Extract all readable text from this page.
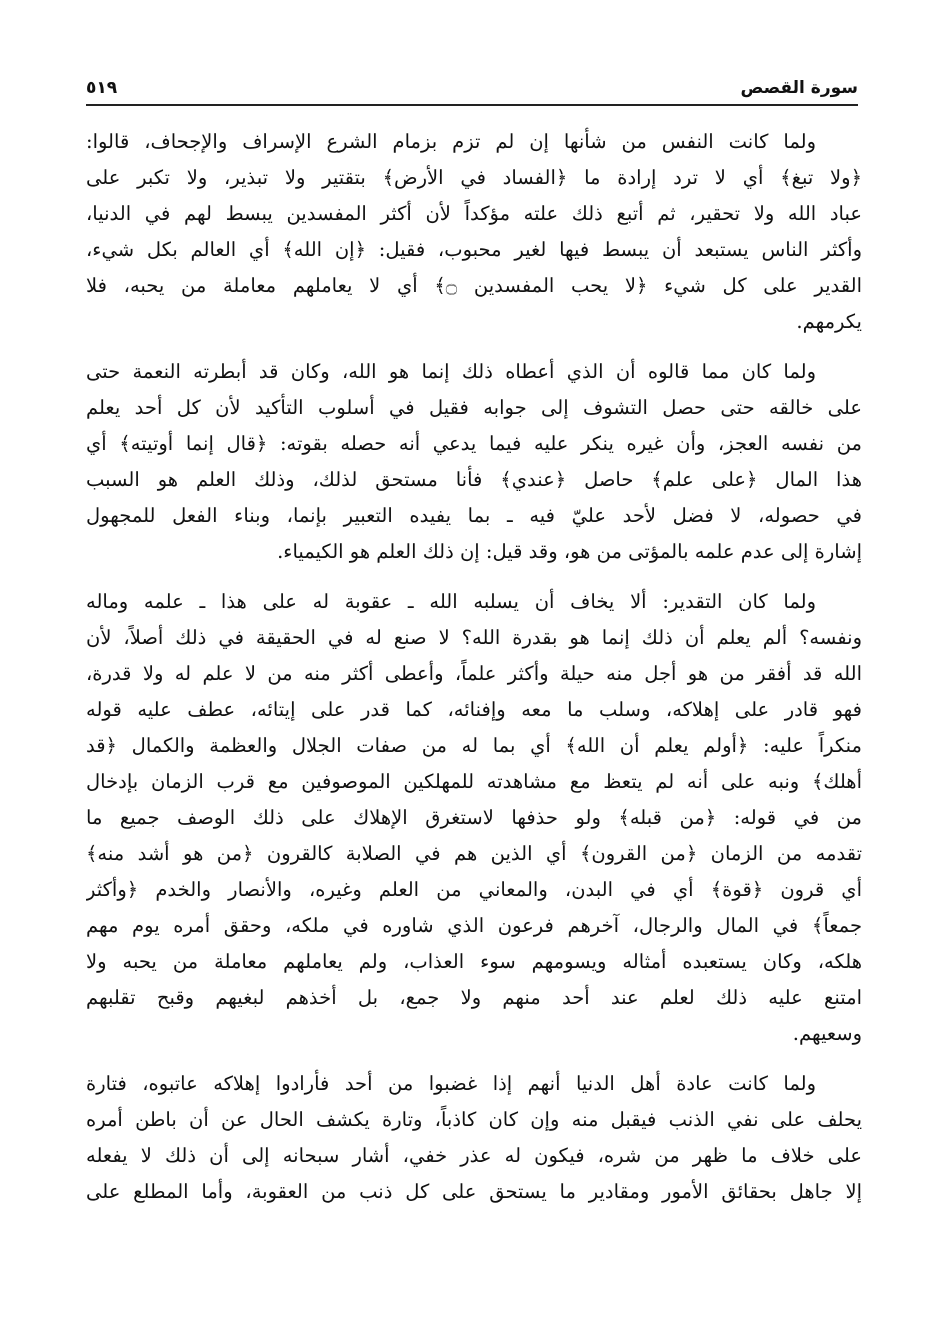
سورة القصص
٥١٩
ولما كانت النفس من شأنها إن لم تزم بزمام الشرع الإسراف والإجحاف، قالوا:
﴿ولا تبغ﴾ أي لا ترد إرادة ما ﴿الفساد في الأرض﴾ بتقتير ولا تبذير، ولا تكبر على
عباد الله ولا تحقير، ثم أتبع ذلك علته مؤكداً لأن أكثر المفسدين يبسط لهم في الدنيا،
وأكثر الناس يستبعد أن يبسط فيها لغير محبوب، فقيل: ﴿إن الله﴾ أي العالم بكل شيء،
القدير على كل شيء ﴿لا يحب المفسدين ۝﴾ أي لا يعاملهم معاملة من يحبه، فلا
يكرمهم.
ولما كان مما قالوه أن الذي أعطاه ذلك إنما هو الله، وكان قد أبطرته النعمة حتى
على خالقه حتى حصل التشوف إلى جوابه فقيل في أسلوب التأكيد لأن كل أحد يعلم
من نفسه العجز، وأن غيره ينكر عليه فيما يدعي أنه حصله بقوته: ﴿قال إنما أوتيته﴾ أي
هذا المال ﴿على علم﴾ حاصل ﴿عندي﴾ فأنا مستحق لذلك، وذلك العلم هو السبب
في حصوله، لا فضل لأحد عليّ فيه ـ بما يفيده التعبير بإنما، وبناء الفعل للمجهول
إشارة إلى عدم علمه بالمؤتى من هو، وقد قيل: إن ذلك العلم هو الكيمياء.
ولما كان التقدير: ألا يخاف أن يسلبه الله ـ عقوبة له على هذا ـ علمه وماله
ونفسه؟ ألم يعلم أن ذلك إنما هو بقدرة الله؟ لا صنع له في الحقيقة في ذلك أصلاً، لأن
الله قد أفقر من هو أجل منه حيلة وأكثر علماً، وأعطى أكثر منه من لا علم له ولا قدرة،
فهو قادر على إهلاكه، وسلب ما معه وإفنائه، كما قدر على إيتائه، عطف عليه قوله
منكراً عليه: ﴿أولم يعلم أن الله﴾ أي بما له من صفات الجلال والعظمة والكمال ﴿قد
أهلك﴾ ونبه على أنه لم يتعظ مع مشاهدته للمهلكين الموصوفين مع قرب الزمان بإدخال
من في قوله: ﴿من قبله﴾ ولو حذفها لاستغرق الإهلاك على ذلك الوصف جميع ما
تقدمه من الزمان ﴿من القرون﴾ أي الذين هم في الصلابة كالقرون ﴿من هو أشد منه﴾
أي قرون ﴿قوة﴾ أي في البدن، والمعاني من العلم وغيره، والأنصار والخدم ﴿وأكثر
جمعاً﴾ في المال والرجال، آخرهم فرعون الذي شاوره في ملكه، وحقق أمره يوم مهم
هلكه، وكان يستعبده أمثاله ويسومهم سوء العذاب، ولم يعاملهم معاملة من يحبه ولا
امتنع عليه ذلك لعلم عند أحد منهم ولا جمع، بل أخذهم لبغيهم وقبح تقلبهم
وسعيهم.
ولما كانت عادة أهل الدنيا أنهم إذا غضبوا من أحد فأرادوا إهلاكه عاتبوه، فتارة
يحلف على نفي الذنب فيقبل منه وإن كان كاذباً، وتارة يكشف الحال عن أن باطن أمره
على خلاف ما ظهر من شره، فيكون له عذر خفي، أشار سبحانه إلى أن ذلك لا يفعله
إلا جاهل بحقائق الأمور ومقادير ما يستحق على كل ذنب من العقوبة، وأما المطلع على
